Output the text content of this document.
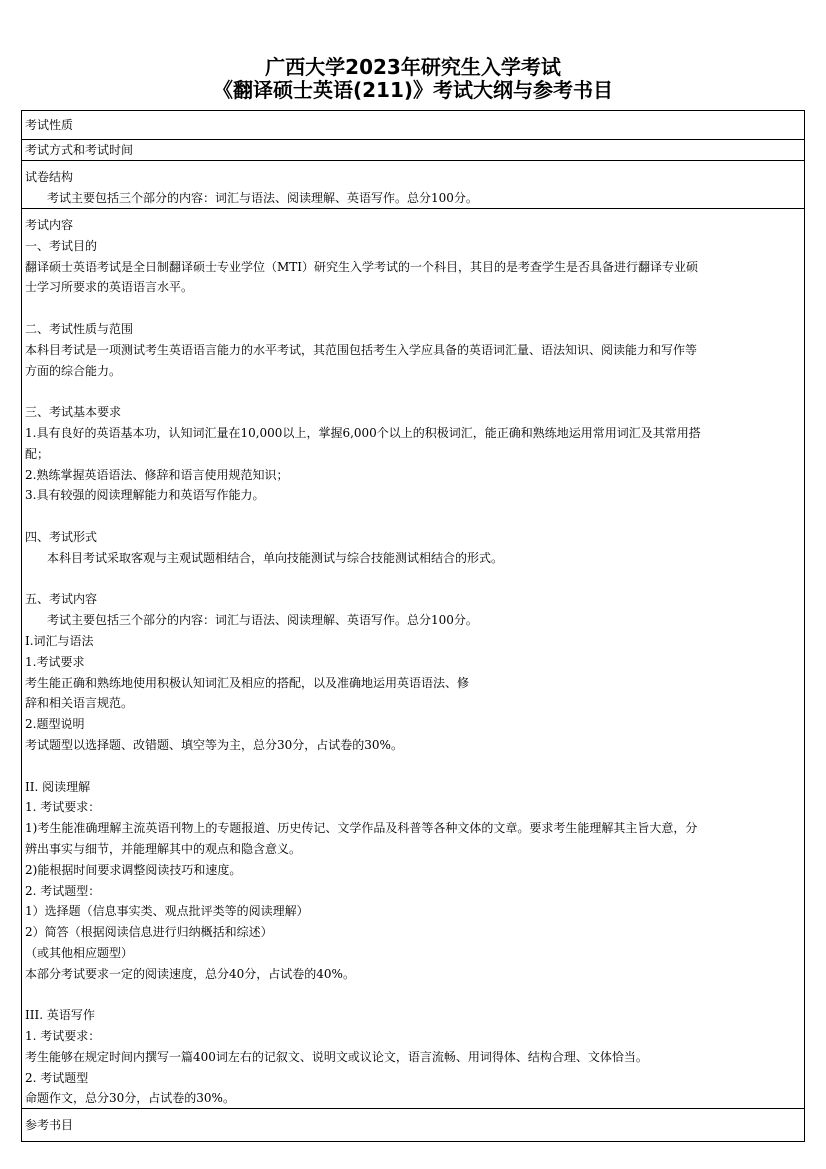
广西大学2023年研究生入学考试
《翻译硕士英语(211)》考试大纲与参考书目
考试性质
考试方式和考试时间
试卷结构
考试主要包括三个部分的内容：词汇与语法、阅读理解、英语写作。总分100分。
考试内容
一、考试目的
翻译硕士英语考试是全日制翻译硕士专业学位（MTI）研究生入学考试的一个科目，其目的是考查学生是否具备进行翻译专业硕
士学习所要求的英语语言水平。
二、考试性质与范围
本科目考试是一项测试考生英语语言能力的水平考试，其范围包括考生入学应具备的英语词汇量、语法知识、阅读能力和写作等
方面的综合能力。
三、考试基本要求
1.具有良好的英语基本功，认知词汇量在10,000以上，掌握6,000个以上的积极词汇，能正确和熟练地运用常用词汇及其常用搭
配；
2.熟练掌握英语语法、修辞和语言使用规范知识；
3.具有较强的阅读理解能力和英语写作能力。
四、考试形式
本科目考试采取客观与主观试题相结合，单向技能测试与综合技能测试相结合的形式。
五、考试内容
考试主要包括三个部分的内容：词汇与语法、阅读理解、英语写作。总分100分。
I.词汇与语法
1.考试要求
考生能正确和熟练地使用积极认知词汇及相应的搭配，以及准确地运用英语语法、修
辞和相关语言规范。
2.题型说明
考试题型以选择题、改错题、填空等为主，总分30分，占试卷的30%。
II. 阅读理解
1. 考试要求：
1)考生能准确理解主流英语刊物上的专题报道、历史传记、文学作品及科普等各种文体的文章。要求考生能理解其主旨大意，分
辨出事实与细节，并能理解其中的观点和隐含意义。
2)能根据时间要求调整阅读技巧和速度。
2. 考试题型：
1）选择题（信息事实类、观点批评类等的阅读理解）
2）简答（根据阅读信息进行归纳概括和综述）
（或其他相应题型）
本部分考试要求一定的阅读速度，总分40分，占试卷的40%。
III. 英语写作
1. 考试要求：
考生能够在规定时间内撰写一篇400词左右的记叙文、说明文或议论文，语言流畅、用词得体、结构合理、文体恰当。
2. 考试题型
命题作文，总分30分，占试卷的30%。
参考书目
